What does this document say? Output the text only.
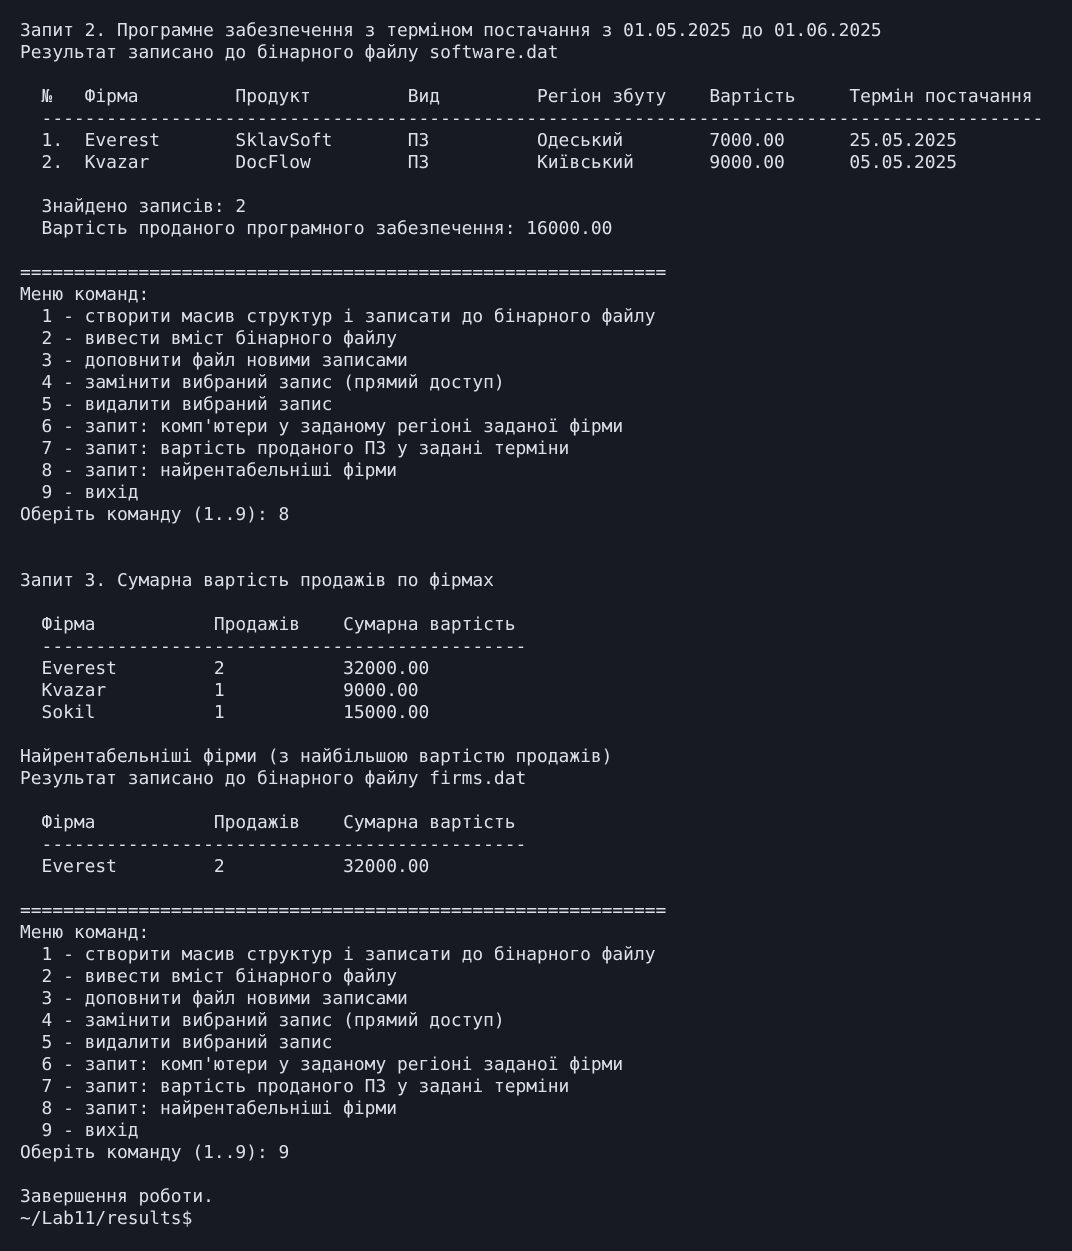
Запит 2. Програмне забезпечення з терміном постачання з 01.05.2025 до 01.06.2025
Результат записано до бінарного файлу software.dat
№   Фірма         Продукт         Вид         Регіон збуту    Вартість     Термін постачання
---------------------------------------------------------------------------------------------
1.  Everest       SklavSoft       ПЗ          Одеський        7000.00      25.05.2025
2.  Kvazar        DocFlow         ПЗ          Київський       9000.00      05.05.2025
Знайдено записів: 2
Вартість проданого програмного забезпечення: 16000.00
============================================================
Меню команд:
1 - створити масив структур і записати до бінарного файлу
2 - вивести вміст бінарного файлу
3 - доповнити файл новими записами
4 - замінити вибраний запис (прямий доступ)
5 - видалити вибраний запис
6 - запит: комп'ютери у заданому регіоні заданої фірми
7 - запит: вартість проданого ПЗ у задані терміни
8 - запит: найрентабельніші фірми
9 - вихід
Оберіть команду (1..9): 8
Запит 3. Сумарна вартість продажів по фірмах
Фірма           Продажів    Сумарна вартість
---------------------------------------------
Everest         2           32000.00
Kvazar          1           9000.00
Sokil           1           15000.00
Найрентабельніші фірми (з найбільшою вартістю продажів)
Результат записано до бінарного файлу firms.dat
Фірма           Продажів    Сумарна вартість
---------------------------------------------
Everest         2           32000.00
============================================================
Меню команд:
1 - створити масив структур і записати до бінарного файлу
2 - вивести вміст бінарного файлу
3 - доповнити файл новими записами
4 - замінити вибраний запис (прямий доступ)
5 - видалити вибраний запис
6 - запит: комп'ютери у заданому регіоні заданої фірми
7 - запит: вартість проданого ПЗ у задані терміни
8 - запит: найрентабельніші фірми
9 - вихід
Оберіть команду (1..9): 9
Завершення роботи.
~/Lab11/results$
